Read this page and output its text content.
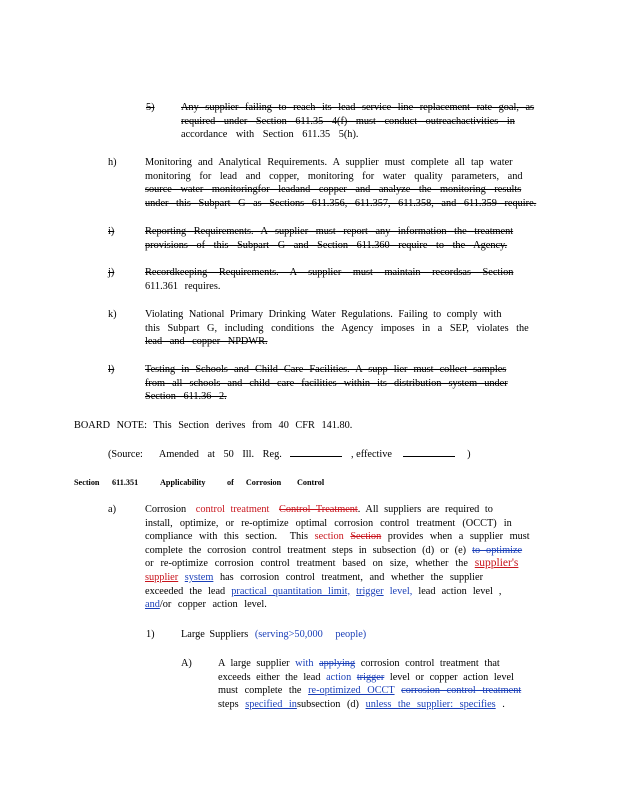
5)	Any supplier failing to reach its lead service line replacement rate goal, as
required under Section 611.35 4(f) must conduct outreachactivities in
accordance with Section 611.35 5(h).
h)	Monitoring and Analytical Requirements. A supplier must complete all tap water
monitoring for lead and copper, monitoring for water quality parameters, and
source water monitoringfor leadand copper and analyze the monitoring results
under this Subpart G as Sections 611.356, 611.357, 611.358, and 611.359 require.
i)	Reporting Requirements. A supplier must report any information the treatment
provisions of this Subpart G and Section 611.360 require to the Agency.
j)	Recordkeeping Requirements. A supplier must maintain recordsas Section
611.361 requires.
k)	Violating National Primary Drinking Water Regulations. Failing to comply with
this Subpart G, including conditions the Agency imposes in a SEP, violates the
lead and copper NPDWR.
l)	Testing in Schools and Child Care Facilities. A supp lier must collect samples
from all schools and child care facilities within its distribution system under
Section 611.36 2.
BOARD NOTE: This Section derives from 40 CFR 141.80.
(Source: Amended at 50 Ill. Reg.	, effective	)
Section 611.351	Applicability	of Corrosion Control
a)	Corrosion control treatment Control Treatment. All suppliers are required to
install, optimize, or re-optimize optimal corrosion control treatment (OCCT) in
compliance with this section. This section Section provides when a supplier must
complete the corrosion control treatment steps in subsection (d) or (e) to optimize
or re-optimize corrosion control treatment based on size, whether the supplier's
supplier system has corrosion control treatment, and whether the supplier
exceeded the lead practical quantitation limit, trigger level, lead action level ,
and/or copper action level.
1)	Large Suppliers (serving>50,000 people)
A)	A large supplier with applying corrosion control treatment that
exceeds either the lead action trigger level or copper action level
must complete the re-optimized OCCT corrosion control treatment
steps specified insubsection (d) unless the supplier: specifies .
